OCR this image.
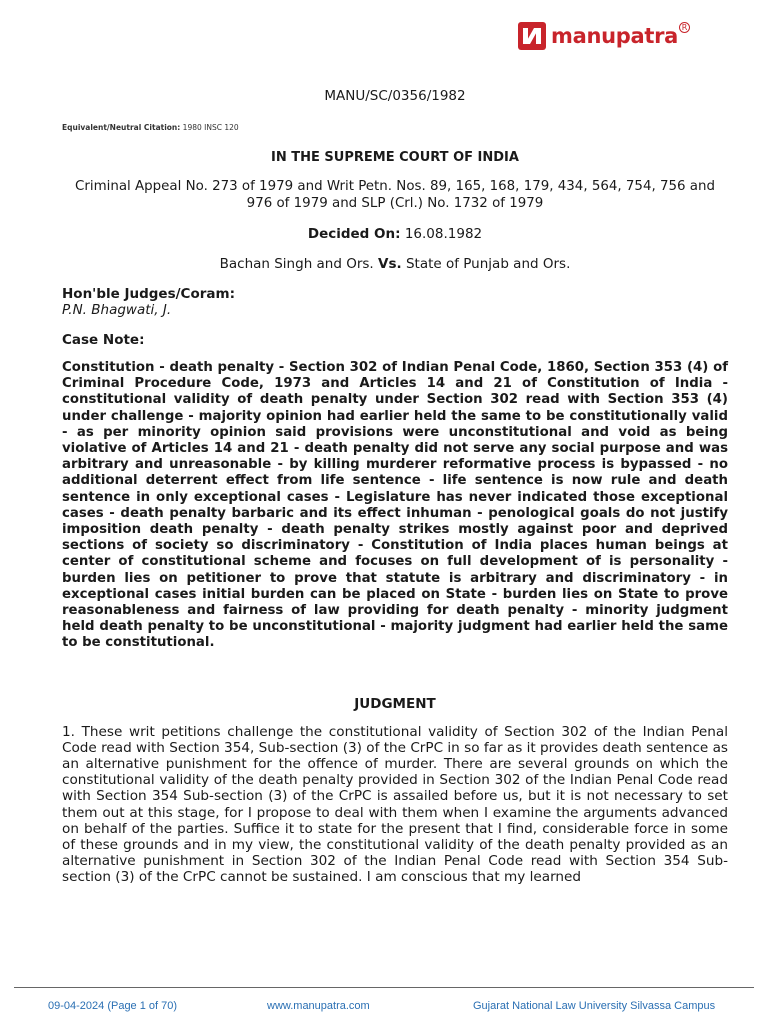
manupatra R

MANU/SC/0356/1982

Equivalent/Neutral Citation: 1980 INSC 120

IN THE SUPREME COURT OF INDIA

Criminal Appeal No. 273 of 1979 and Writ Petn. Nos. 89, 165, 168, 179, 434, 564, 754, 756 and 976 of 1979 and SLP (Crl.) No. 1732 of 1979

Decided On: 16.08.1982

Bachan Singh and Ors. Vs. State of Punjab and Ors.

Hon'ble Judges/Coram:

P.N. Bhagwati, J.

Case Note:

Constitution - death penalty - Section 302 of Indian Penal Code, 1860, Section 353 (4) of Criminal Procedure Code, 1973 and Articles 14 and 21 of Constitution of India - constitutional validity of death penalty under Section 302 read with Section 353 (4) under challenge - majority opinion had earlier held the same to be constitutionally valid - as per minority opinion said provisions were unconstitutional and void as being violative of Articles 14 and 21 - death penalty did not serve any social purpose and was arbitrary and unreasonable - by killing murderer reformative process is bypassed - no additional deterrent effect from life sentence - life sentence is now rule and death sentence in only exceptional cases - Legislature has never indicated those exceptional cases - death penalty barbaric and its effect inhuman - penological goals do not justify imposition death penalty - death penalty strikes mostly against poor and deprived sections of society so discriminatory - Constitution of India places human beings at center of constitutional scheme and focuses on full development of is personality - burden lies on petitioner to prove that statute is arbitrary and discriminatory - in exceptional cases initial burden can be placed on State - burden lies on State to prove reasonableness and fairness of law providing for death penalty - minority judgment held death penalty to be unconstitutional - majority judgment had earlier held the same to be constitutional.

JUDGMENT

1. These writ petitions challenge the constitutional validity of Section 302 of the Indian Penal Code read with Section 354, Sub-section (3) of the CrPC in so far as it provides death sentence as an alternative punishment for the offence of murder. There are several grounds on which the constitutional validity of the death penalty provided in Section 302 of the Indian Penal Code read with Section 354 Sub-section (3) of the CrPC is assailed before us, but it is not necessary to set them out at this stage, for I propose to deal with them when I examine the arguments advanced on behalf of the parties. Suffice it to state for the present that I find, considerable force in some of these grounds and in my view, the constitutional validity of the death penalty provided as an alternative punishment in Section 302 of the Indian Penal Code read with Section 354 Sub-section (3) of the CrPC cannot be sustained. I am conscious that my learned

09-04-2024 (Page 1 of 70)	www.manupatra.com	Gujarat National Law University Silvassa Campus
